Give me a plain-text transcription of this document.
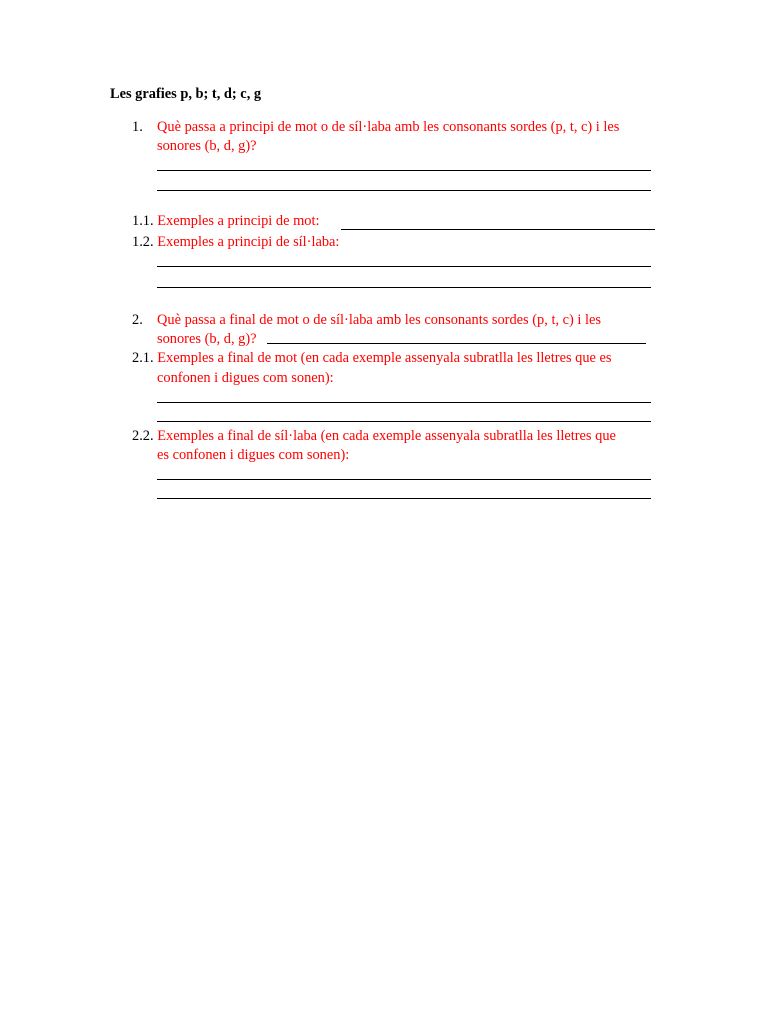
Les grafies p, b; t, d; c, g
1. Què passa a principi de mot o de síl·laba amb les consonants sordes (p, t, c) i les
sonores (b, d, g)?
1.1. Exemples a principi de mot:
1.2. Exemples a principi de síl·laba:
2. Què passa a final de mot o de síl·laba amb les consonants sordes (p, t, c) i les
sonores (b, d, g)?
2.1. Exemples a final de mot (en cada exemple assenyala subratlla les lletres que es
confonen i digues com sonen):
2.2. Exemples a final de síl·laba (en cada exemple assenyala subratlla les lletres que
es confonen i digues com sonen):
